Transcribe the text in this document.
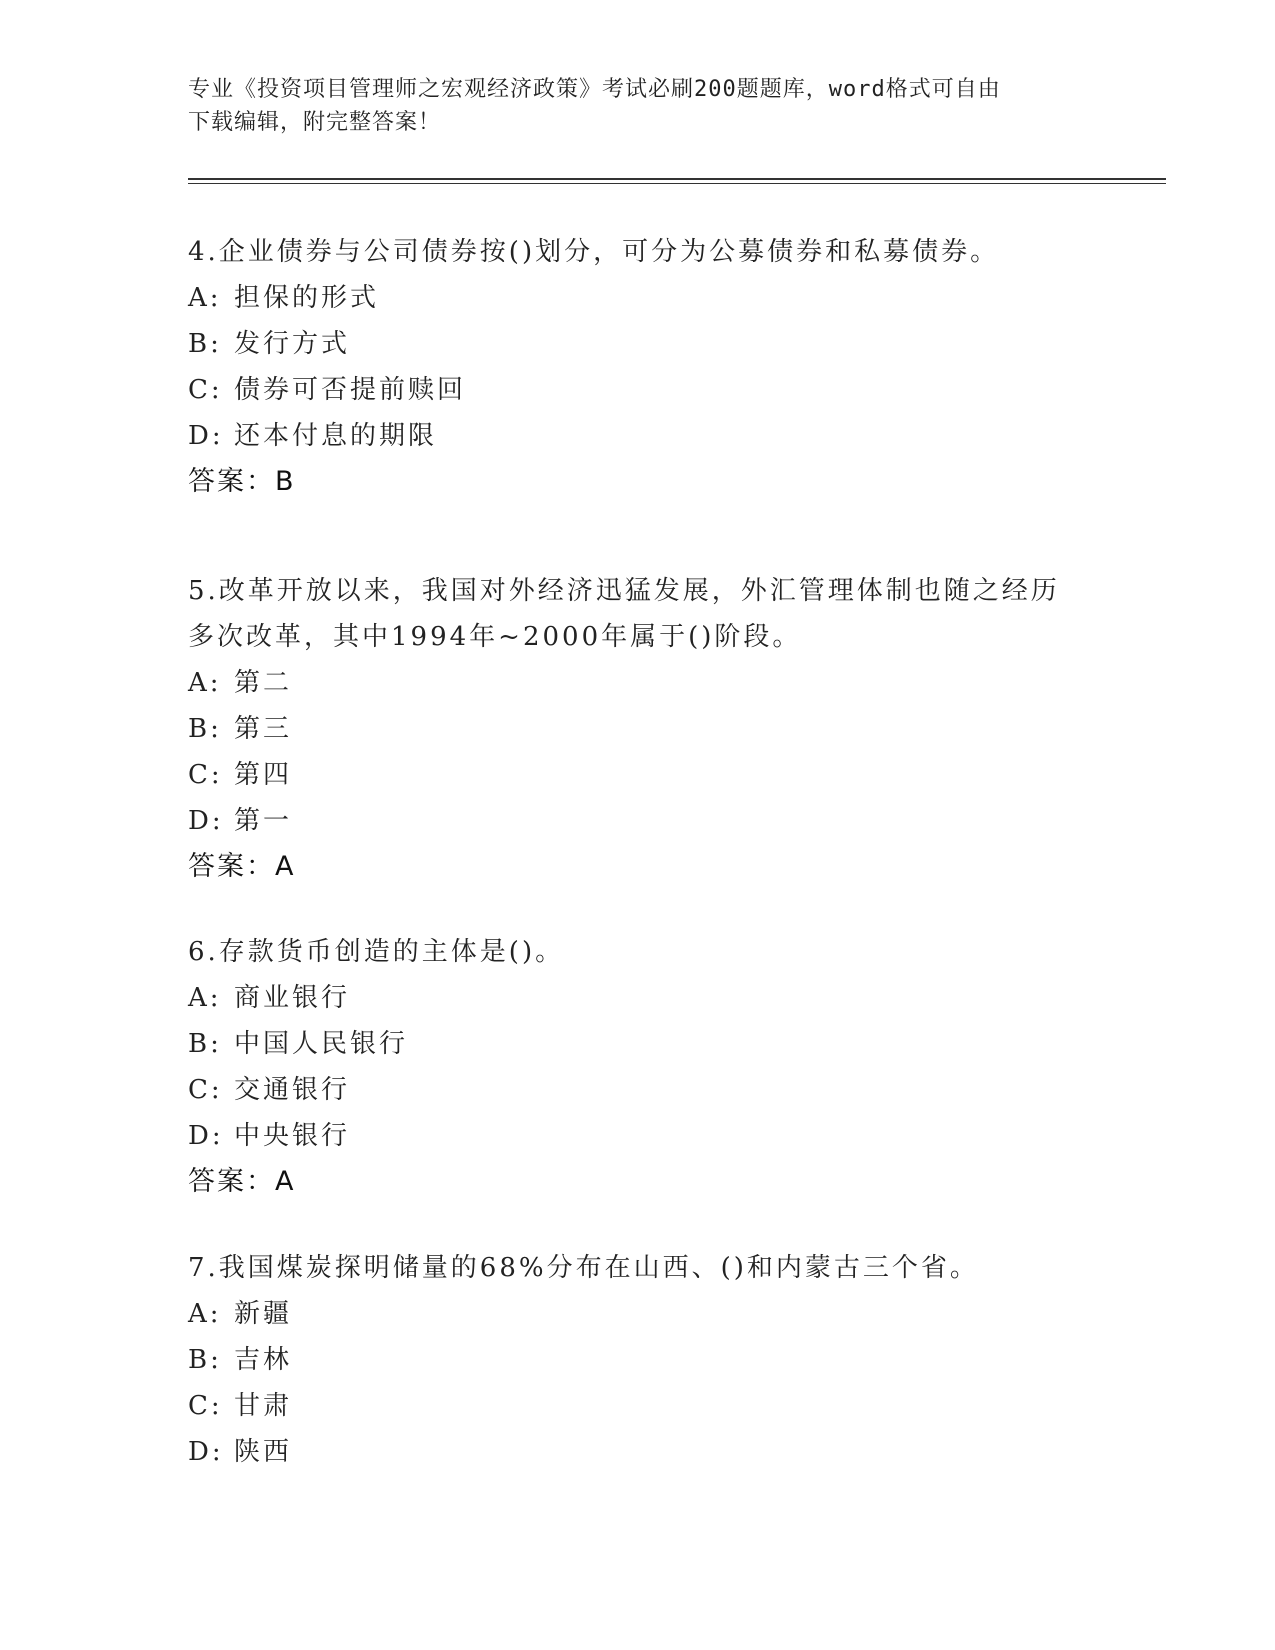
专业《投资项目管理师之宏观经济政策》考试必刷200题题库，word格式可自由
下载编辑，附完整答案！

4.企业债券与公司债券按()划分，可分为公募债券和私募债券。

A: 担保的形式

B: 发行方式

C: 债券可否提前赎回

D: 还本付息的期限

答案：B

5.改革开放以来，我国对外经济迅猛发展，外汇管理体制也随之经历

多次改革，其中1994年~2000年属于()阶段。

A: 第二

B: 第三

C: 第四

D: 第一

答案：A

6.存款货币创造的主体是()。

A: 商业银行

B: 中国人民银行

C: 交通银行

D: 中央银行

答案：A

7.我国煤炭探明储量的68%分布在山西、()和内蒙古三个省。

A: 新疆

B: 吉林

C: 甘肃

D: 陕西
